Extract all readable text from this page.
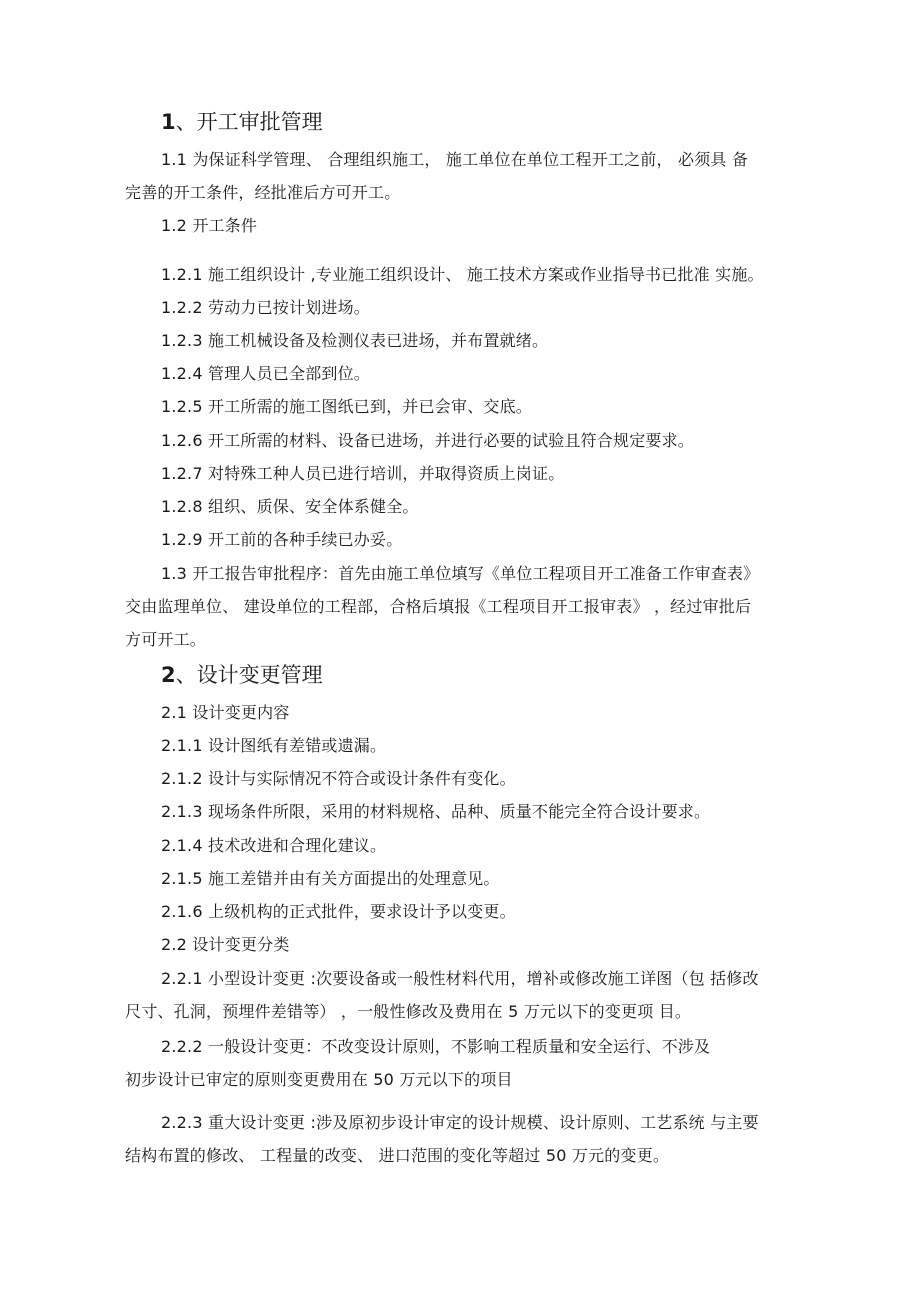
1、开工审批管理
1.1 为保证科学管理、 合理组织施工， 施工单位在单位工程开工之前， 必须具 备
完善的开工条件，经批准后方可开工。
1.2 开工条件
1.2.1 施工组织设计 ,专业施工组织设计、 施工技术方案或作业指导书已批准 实施。
1.2.2 劳动力已按计划进场。
1.2.3 施工机械设备及检测仪表已进场，并布置就绪。
1.2.4 管理人员已全部到位。
1.2.5 开工所需的施工图纸已到，并已会审、交底。
1.2.6 开工所需的材料、设备已进场，并进行必要的试验且符合规定要求。
1.2.7 对特殊工种人员已进行培训，并取得资质上岗证。
1.2.8 组织、质保、安全体系健全。
1.2.9 开工前的各种手续已办妥。
1.3 开工报告审批程序：首先由施工单位填写《单位工程项目开工准备工作审查表》
交由监理单位、 建设单位的工程部，合格后填报《工程项目开工报审表》 ，经过审批后
方可开工。
2、设计变更管理
2.1 设计变更内容
2.1.1 设计图纸有差错或遗漏。
2.1.2 设计与实际情况不符合或设计条件有变化。
2.1.3 现场条件所限，采用的材料规格、品种、质量不能完全符合设计要求。
2.1.4 技术改进和合理化建议。
2.1.5 施工差错并由有关方面提出的处理意见。
2.1.6 上级机构的正式批件，要求设计予以变更。
2.2 设计变更分类
2.2.1 小型设计变更 :次要设备或一般性材料代用，增补或修改施工详图（包 括修改
尺寸、孔洞，预埋件差错等） ，一般性修改及费用在 5 万元以下的变更项 目。
2.2.2 一般设计变更：不改变设计原则，不影响工程质量和安全运行、不涉及
初步设计已审定的原则变更费用在 50 万元以下的项目
2.2.3 重大设计变更 :涉及原初步设计审定的设计规模、设计原则、工艺系统 与主要
结构布置的修改、 工程量的改变、 进口范围的变化等超过 50 万元的变更。
